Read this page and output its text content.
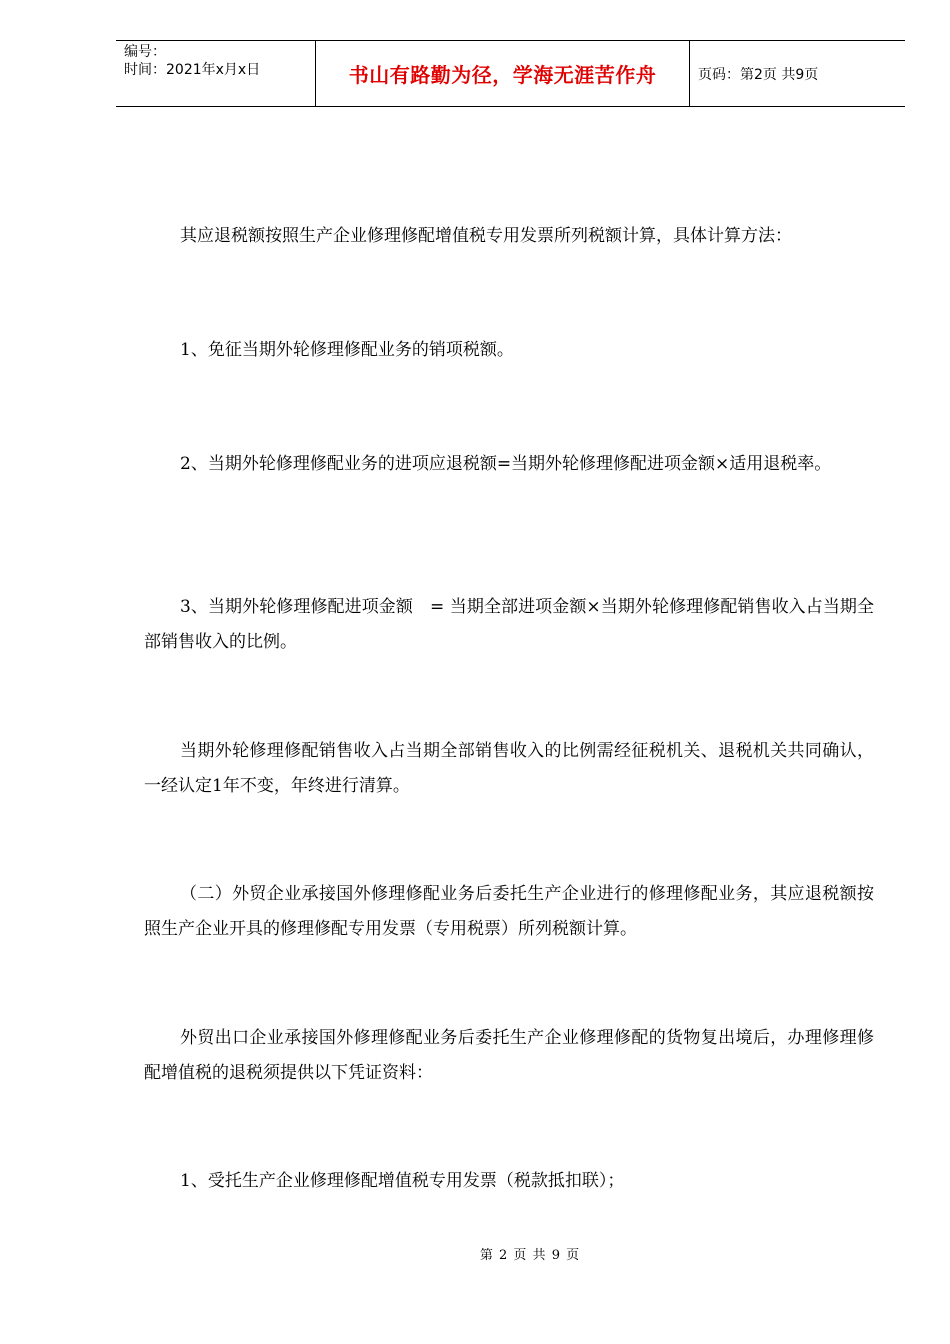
编号：
时间：2021年x月x日	书山有路勤为径，学海无涯苦作舟	页码：第2页 共9页

其应退税额按照生产企业修理修配增值税专用发票所列税额计算，具体计算方法：

1、免征当期外轮修理修配业务的销项税额。

2、当期外轮修理修配业务的进项应退税额=当期外轮修理修配进项金额×适用退税率。

3、当期外轮修理修配进项金额　= 当期全部进项金额×当期外轮修理修配销售收入占当期全部销售收入的比例。

当期外轮修理修配销售收入占当期全部销售收入的比例需经征税机关、退税机关共同确认，一经认定1年不变，年终进行清算。

（二）外贸企业承接国外修理修配业务后委托生产企业进行的修理修配业务，其应退税额按照生产企业开具的修理修配专用发票（专用税票）所列税额计算。

外贸出口企业承接国外修理修配业务后委托生产企业修理修配的货物复出境后，办理修理修配增值税的退税须提供以下凭证资料：

1、受托生产企业修理修配增值税专用发票（税款抵扣联）；

第 2 页 共 9 页
